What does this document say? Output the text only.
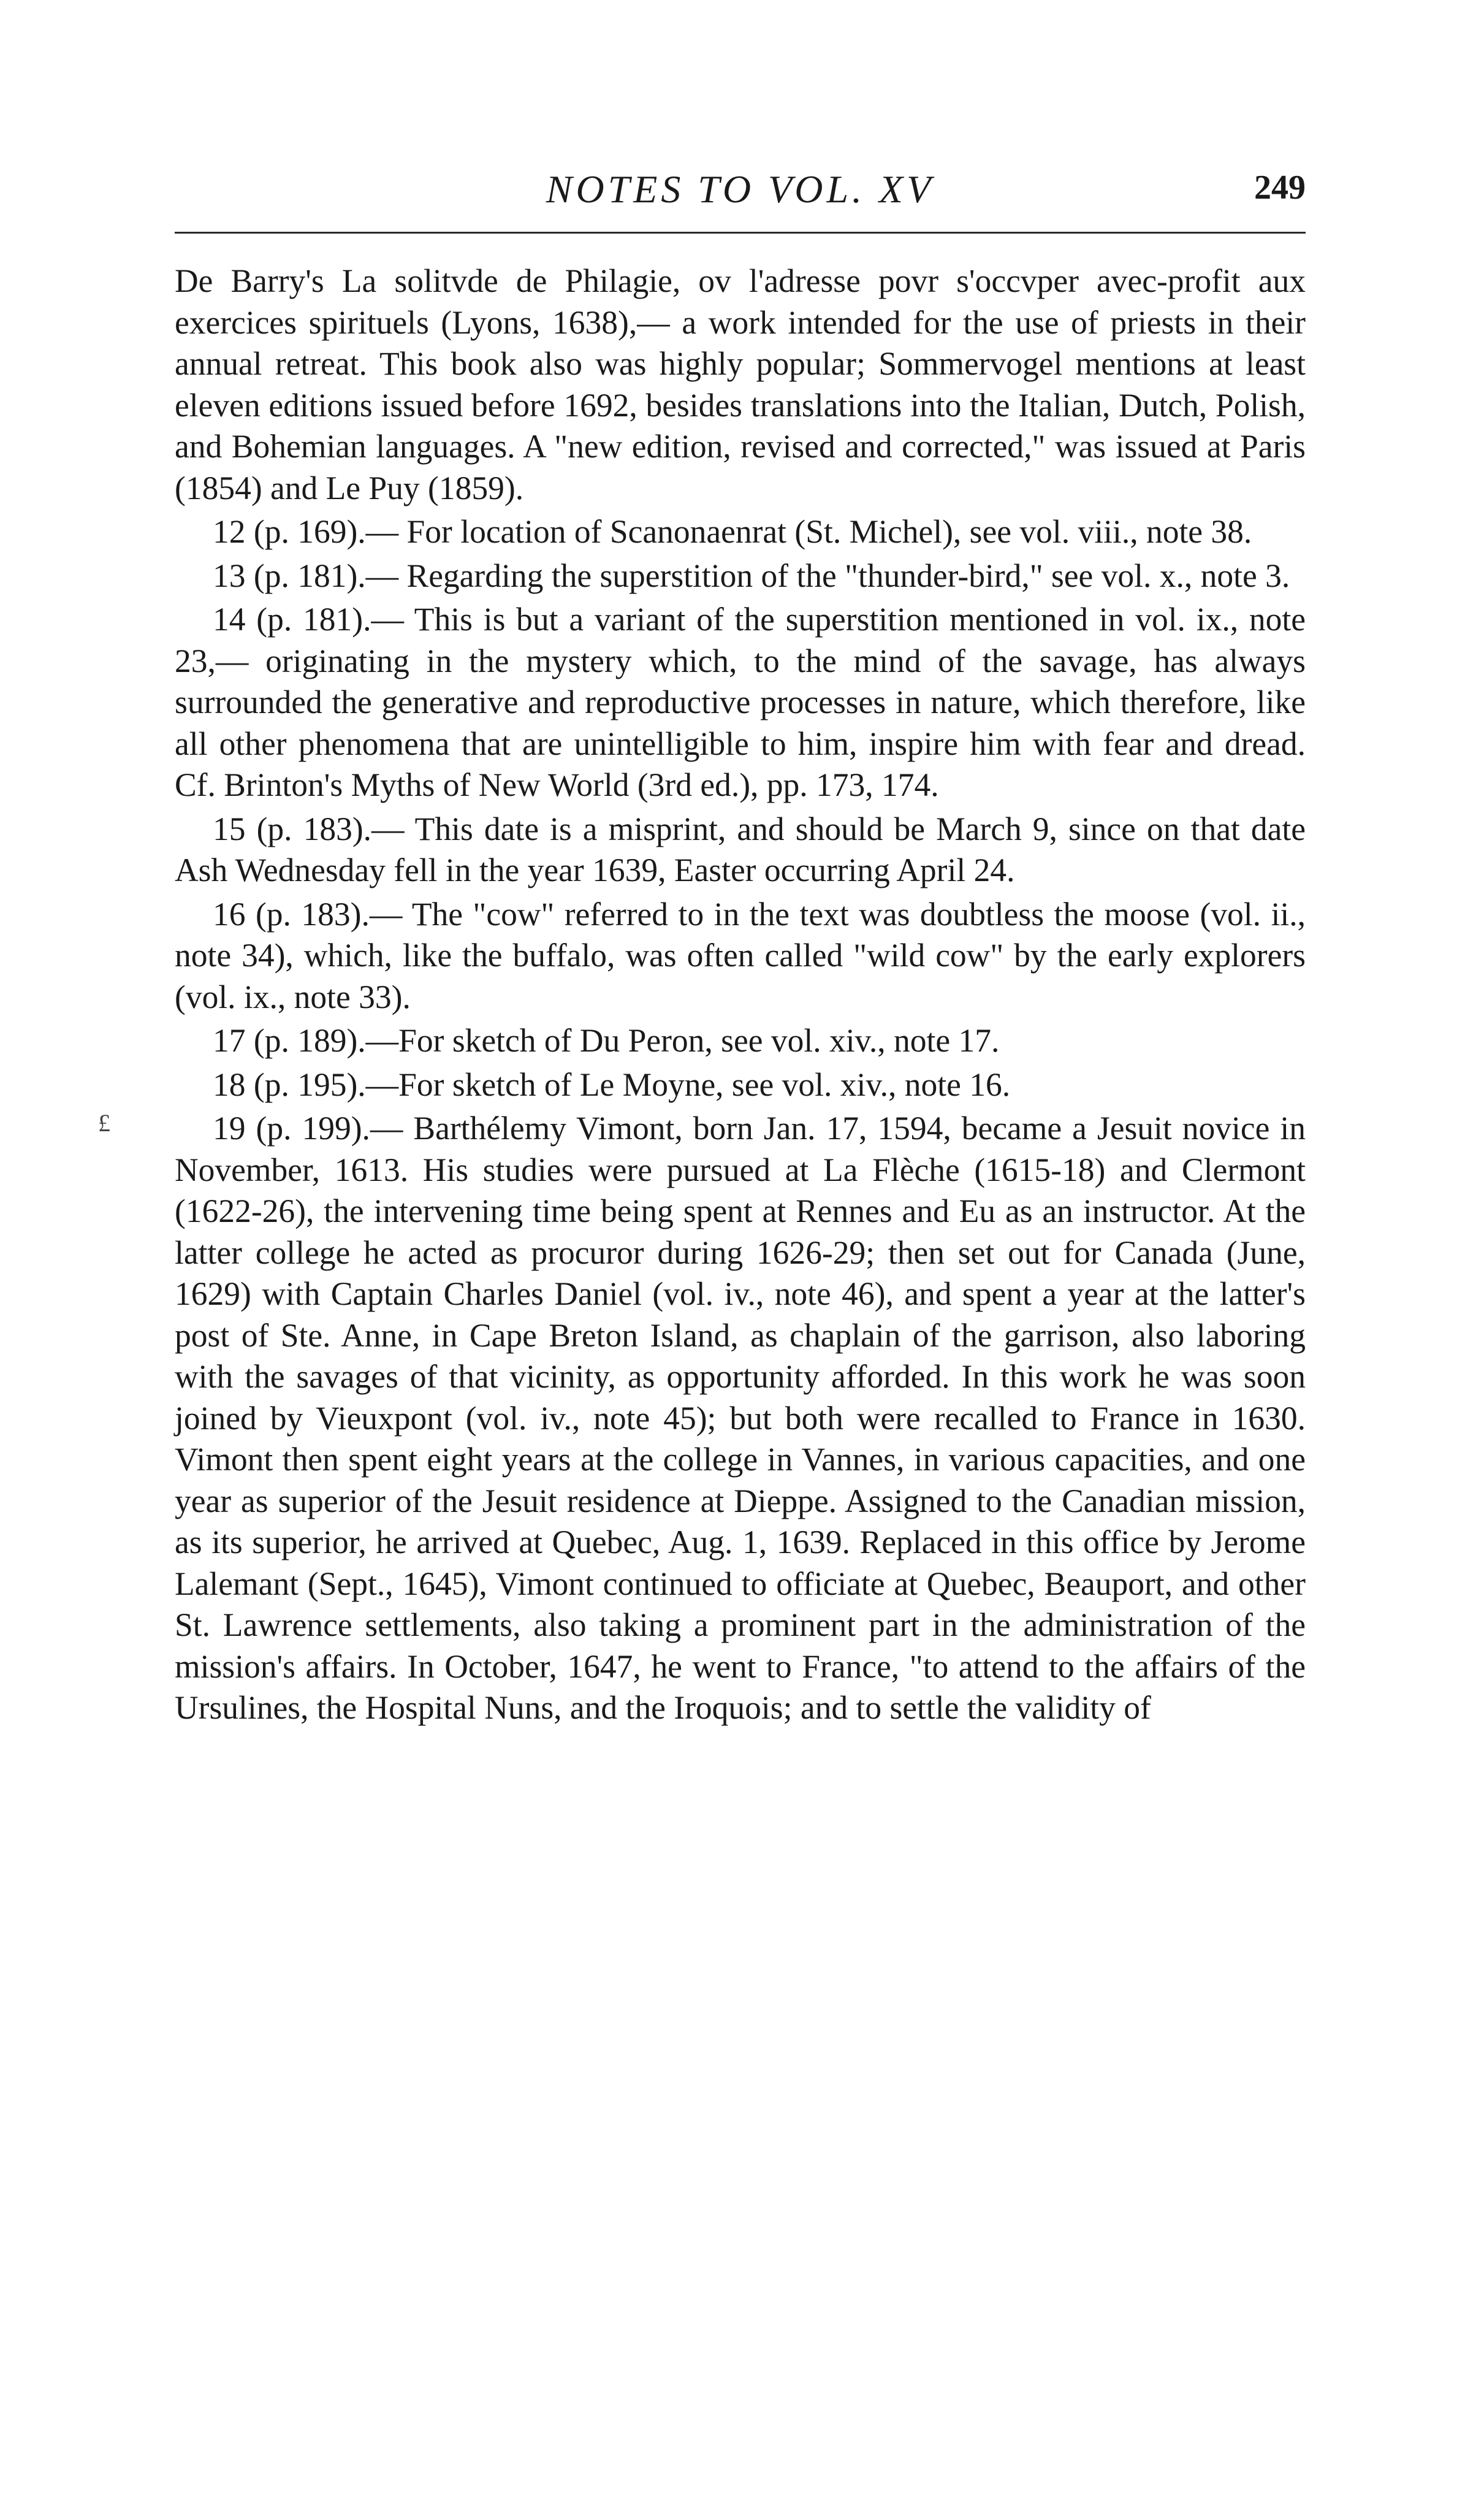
NOTES TO VOL. XV	249

De Barry's La solitvde de Philagie, ov l'adresse povr s'occvper avec-profit aux exercices spirituels (Lyons, 1638),— a work intended for the use of priests in their annual retreat. This book also was highly popular; Sommervogel mentions at least eleven editions issued before 1692, besides translations into the Italian, Dutch, Polish, and Bohemian languages. A "new edition, revised and corrected," was issued at Paris (1854) and Le Puy (1859).

12 (p. 169).— For location of Scanonaenrat (St. Michel), see vol. viii., note 38.

13 (p. 181).— Regarding the superstition of the "thunder-bird," see vol. x., note 3.

14 (p. 181).— This is but a variant of the superstition mentioned in vol. ix., note 23,— originating in the mystery which, to the mind of the savage, has always surrounded the generative and reproductive processes in nature, which therefore, like all other phenomena that are unintelligible to him, inspire him with fear and dread. Cf. Brinton's Myths of New World (3rd ed.), pp. 173, 174.

15 (p. 183).— This date is a misprint, and should be March 9, since on that date Ash Wednesday fell in the year 1639, Easter occurring April 24.

16 (p. 183).— The "cow" referred to in the text was doubtless the moose (vol. ii., note 34), which, like the buffalo, was often called "wild cow" by the early explorers (vol. ix., note 33).

17 (p. 189).—For sketch of Du Peron, see vol. xiv., note 17.

18 (p. 195).—For sketch of Le Moyne, see vol. xiv., note 16.

19 (p. 199).— Barthélemy Vimont, born Jan. 17, 1594, became a Jesuit novice in November, 1613. His studies were pursued at La Flèche (1615-18) and Clermont (1622-26), the intervening time being spent at Rennes and Eu as an instructor. At the latter college he acted as procuror during 1626-29; then set out for Canada (June, 1629) with Captain Charles Daniel (vol. iv., note 46), and spent a year at the latter's post of Ste. Anne, in Cape Breton Island, as chaplain of the garrison, also laboring with the savages of that vicinity, as opportunity afforded. In this work he was soon joined by Vieuxpont (vol. iv., note 45); but both were recalled to France in 1630. Vimont then spent eight years at the college in Vannes, in various capacities, and one year as superior of the Jesuit residence at Dieppe. Assigned to the Canadian mission, as its superior, he arrived at Quebec, Aug. 1, 1639. Replaced in this office by Jerome Lalemant (Sept., 1645), Vimont continued to officiate at Quebec, Beauport, and other St. Lawrence settlements, also taking a prominent part in the administration of the mission's affairs. In October, 1647, he went to France, "to attend to the affairs of the Ursulines, the Hospital Nuns, and the Iroquois; and to settle the validity of

£
